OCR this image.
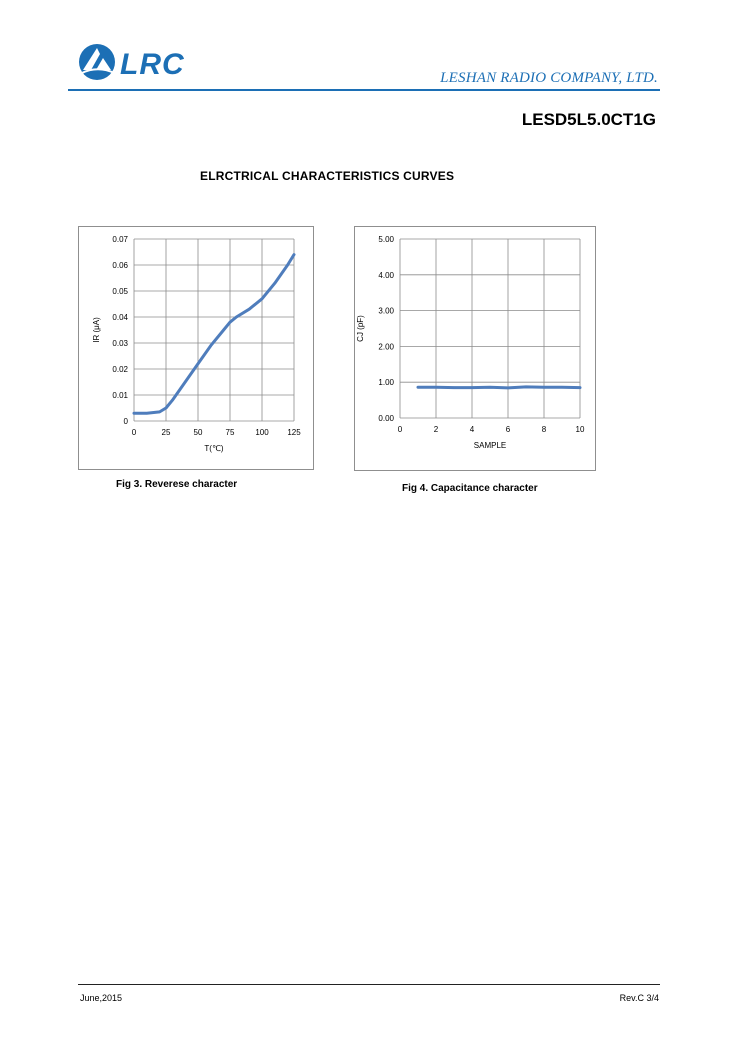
LRC	LESHAN RADIO COMPANY, LTD.
LESD5L5.0CT1G
ELRCTRICAL CHARACTERISTICS CURVES
0	25	50	75	100 125
0
0.01
0.02
0.03
0.04
0.05
0.06
0.07
T(℃)
IR (μA)
Fig 3. Reverese character
0	2	4	6	8	10
0.00
1.00
2.00
3.00
4.00
5.00
SAMPLE
CJ (pF)
Fig 4. Capacitance character
June,2015	Rev.C 3/4
